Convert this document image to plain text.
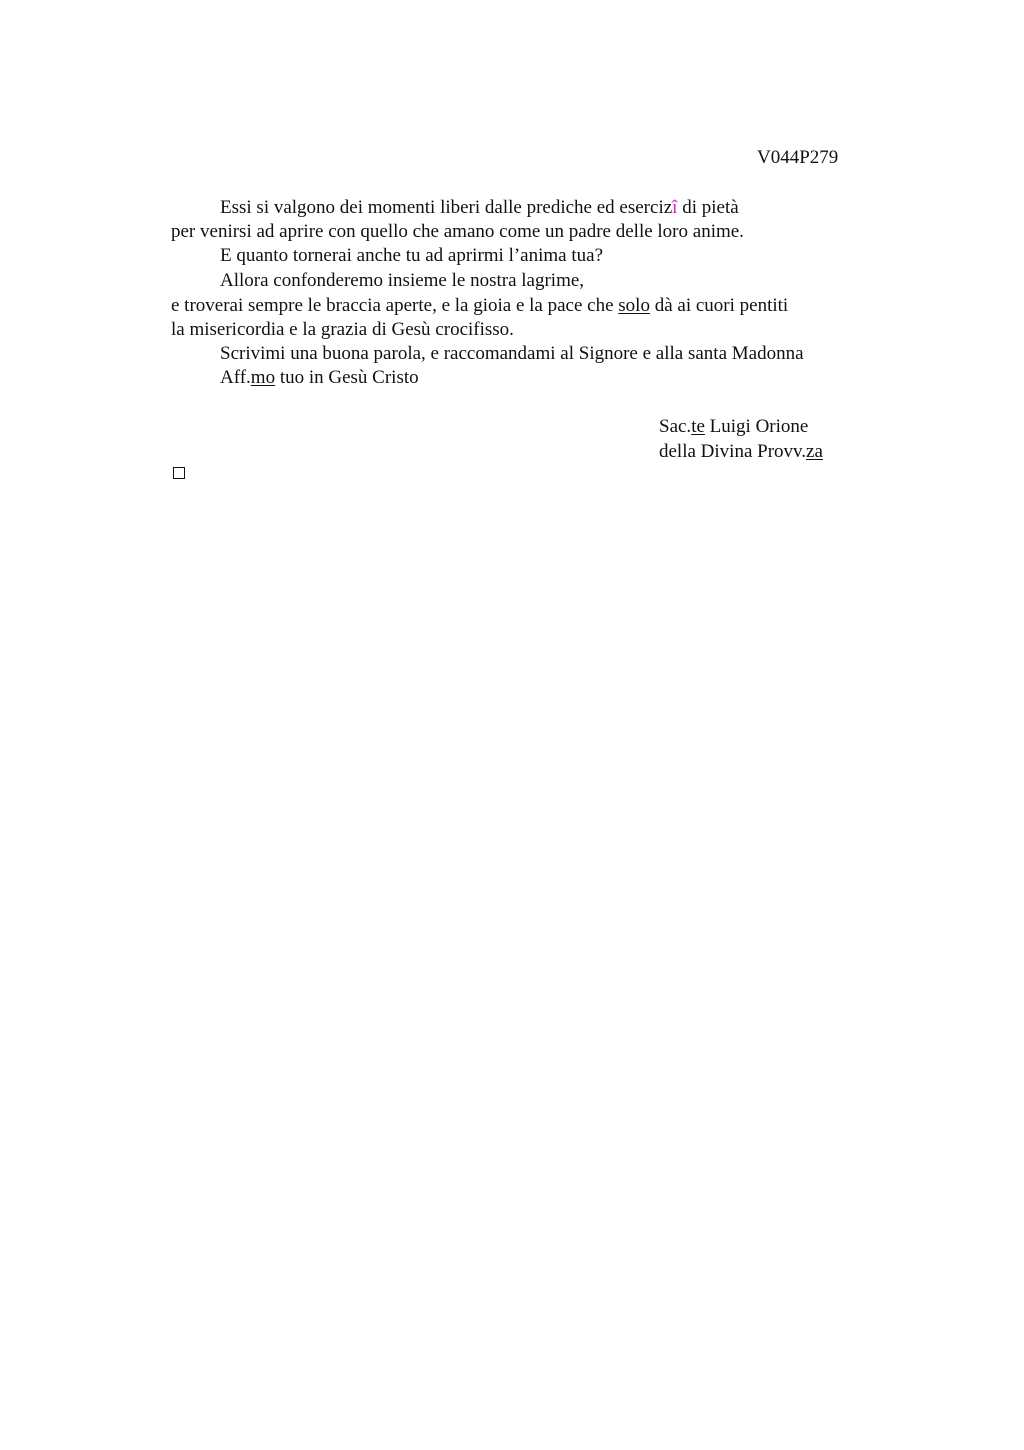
V044P279
Essi si valgono dei momenti liberi dalle prediche ed esercizî di pietà
per venirsi ad aprire con quello che amano come un padre delle loro anime.
E quanto tornerai anche tu ad aprirmi l’anima tua?
Allora confonderemo insieme le nostra lagrime,
e troverai sempre le braccia aperte, e la gioia e la pace che solo dà ai cuori pentiti
la misericordia e la grazia di Gesù crocifisso.
Scrivimi una buona parola, e raccomandami al Signore e alla santa Madonna
Aff.mo tuo in Gesù Cristo
Sac.te Luigi Orione
della Divina Provv.za
